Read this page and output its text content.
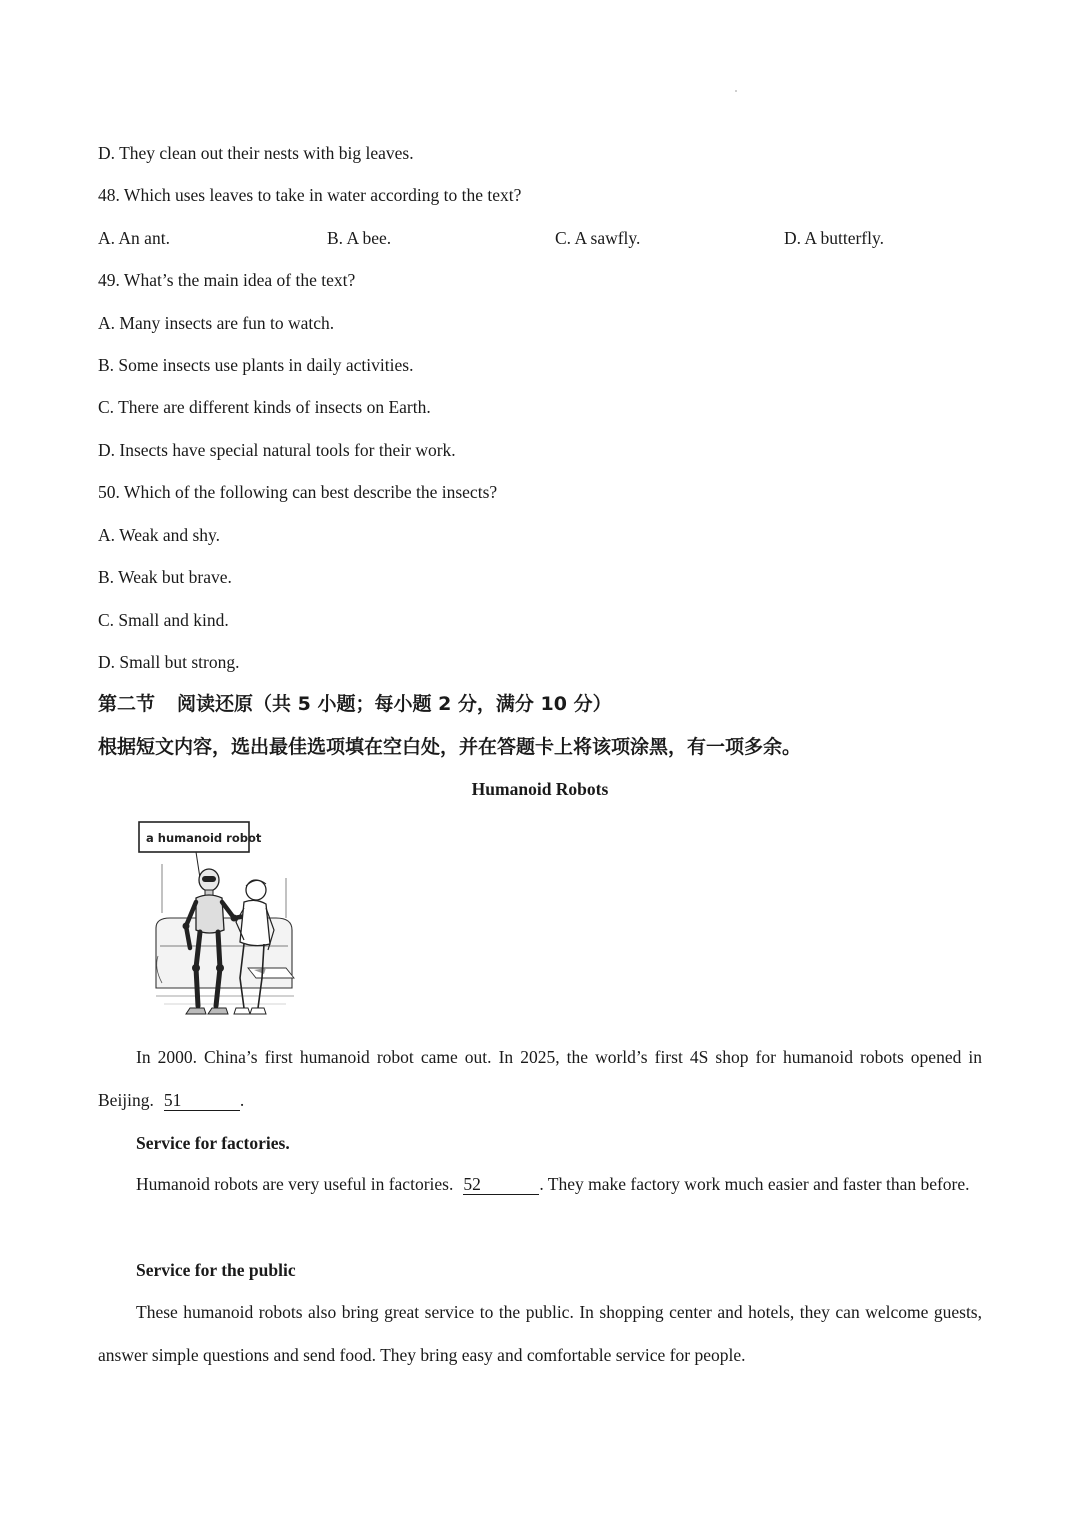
D. They clean out their nests with big leaves.
48. Which uses leaves to take in water according to the text?
A. An ant.	B. A bee.	C. A sawfly.	D. A butterfly.
49. What’s the main idea of the text?
A. Many insects are fun to watch.
B. Some insects use plants in daily activities.
C. There are different kinds of insects on Earth.
D. Insects have special natural tools for their work.
50. Which of the following can best describe the insects?
A. Weak and shy.
B. Weak but brave.
C. Small and kind.
D. Small but strong.
第二节 阅读还原（共 5 小题；每小题 2 分，满分 10 分）
根据短文内容，选出最佳选项填在空白处，并在答题卡上将该项涂黑，有一项多余。
Humanoid Robots
a humanoid robot
In 2000. China’s first humanoid robot came out. In 2025, the world’s first 4S shop for humanoid robots opened in Beijing. 51	.
Service for factories.
Humanoid robots are very useful in factories. 52	. They make factory work much easier and faster than before.
Service for the public
These humanoid robots also bring great service to the public. In shopping center and hotels, they can welcome guests, answer simple questions and send food. They bring easy and comfortable service for people.
